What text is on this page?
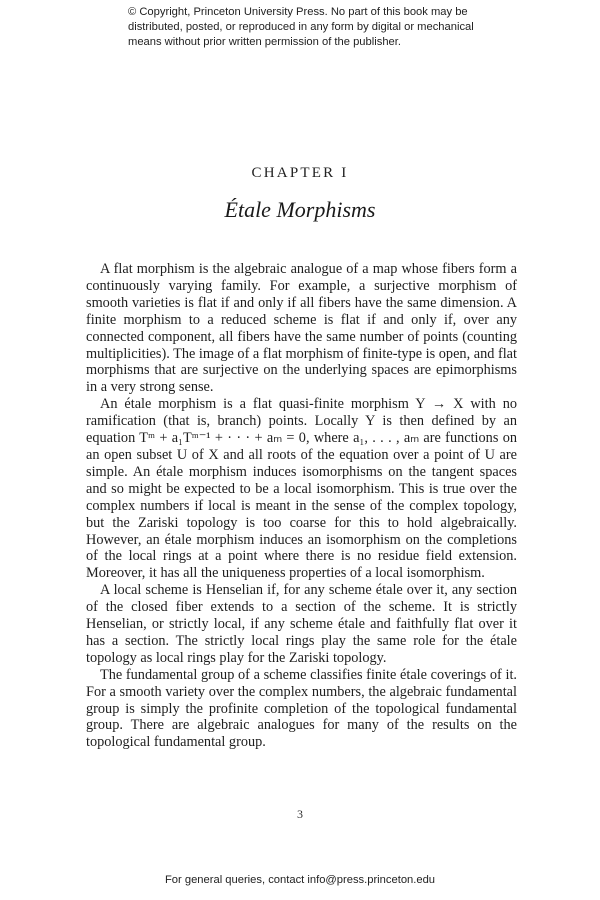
© Copyright, Princeton University Press. No part of this book may be
distributed, posted, or reproduced in any form by digital or mechanical
means without prior written permission of the publisher.
CHAPTER I
Étale Morphisms

A flat morphism is the algebraic analogue of a map whose fibers form a continuously varying family. For example, a surjective morphism of smooth varieties is flat if and only if all fibers have the same dimension. A finite morphism to a reduced scheme is flat if and only if, over any connected component, all fibers have the same number of points (counting multiplicities). The image of a flat morphism of finite-type is open, and flat morphisms that are surjective on the underlying spaces are epimorphisms in a very strong sense.

An étale morphism is a flat quasi-finite morphism Y → X with no ramification (that is, branch) points. Locally Y is then defined by an equation Tᵐ + a₁Tᵐ⁻¹ + · · · + aₘ = 0, where a₁, . . . , aₘ are functions on an open subset U of X and all roots of the equation over a point of U are simple. An étale morphism induces isomorphisms on the tangent spaces and so might be expected to be a local isomorphism. This is true over the complex numbers if local is meant in the sense of the complex topology, but the Zariski topology is too coarse for this to hold algebraically. However, an étale morphism induces an isomorphism on the completions of the local rings at a point where there is no residue field extension. Moreover, it has all the uniqueness properties of a local isomorphism.

A local scheme is Henselian if, for any scheme étale over it, any section of the closed fiber extends to a section of the scheme. It is strictly Henselian, or strictly local, if any scheme étale and faithfully flat over it has a section. The strictly local rings play the same role for the étale topology as local rings play for the Zariski topology.

The fundamental group of a scheme classifies finite étale coverings of it. For a smooth variety over the complex numbers, the algebraic fundamental group is simply the profinite completion of the topological fundamental group. There are algebraic analogues for many of the results on the topological fundamental group.

3
For general queries, contact info@press.princeton.edu
